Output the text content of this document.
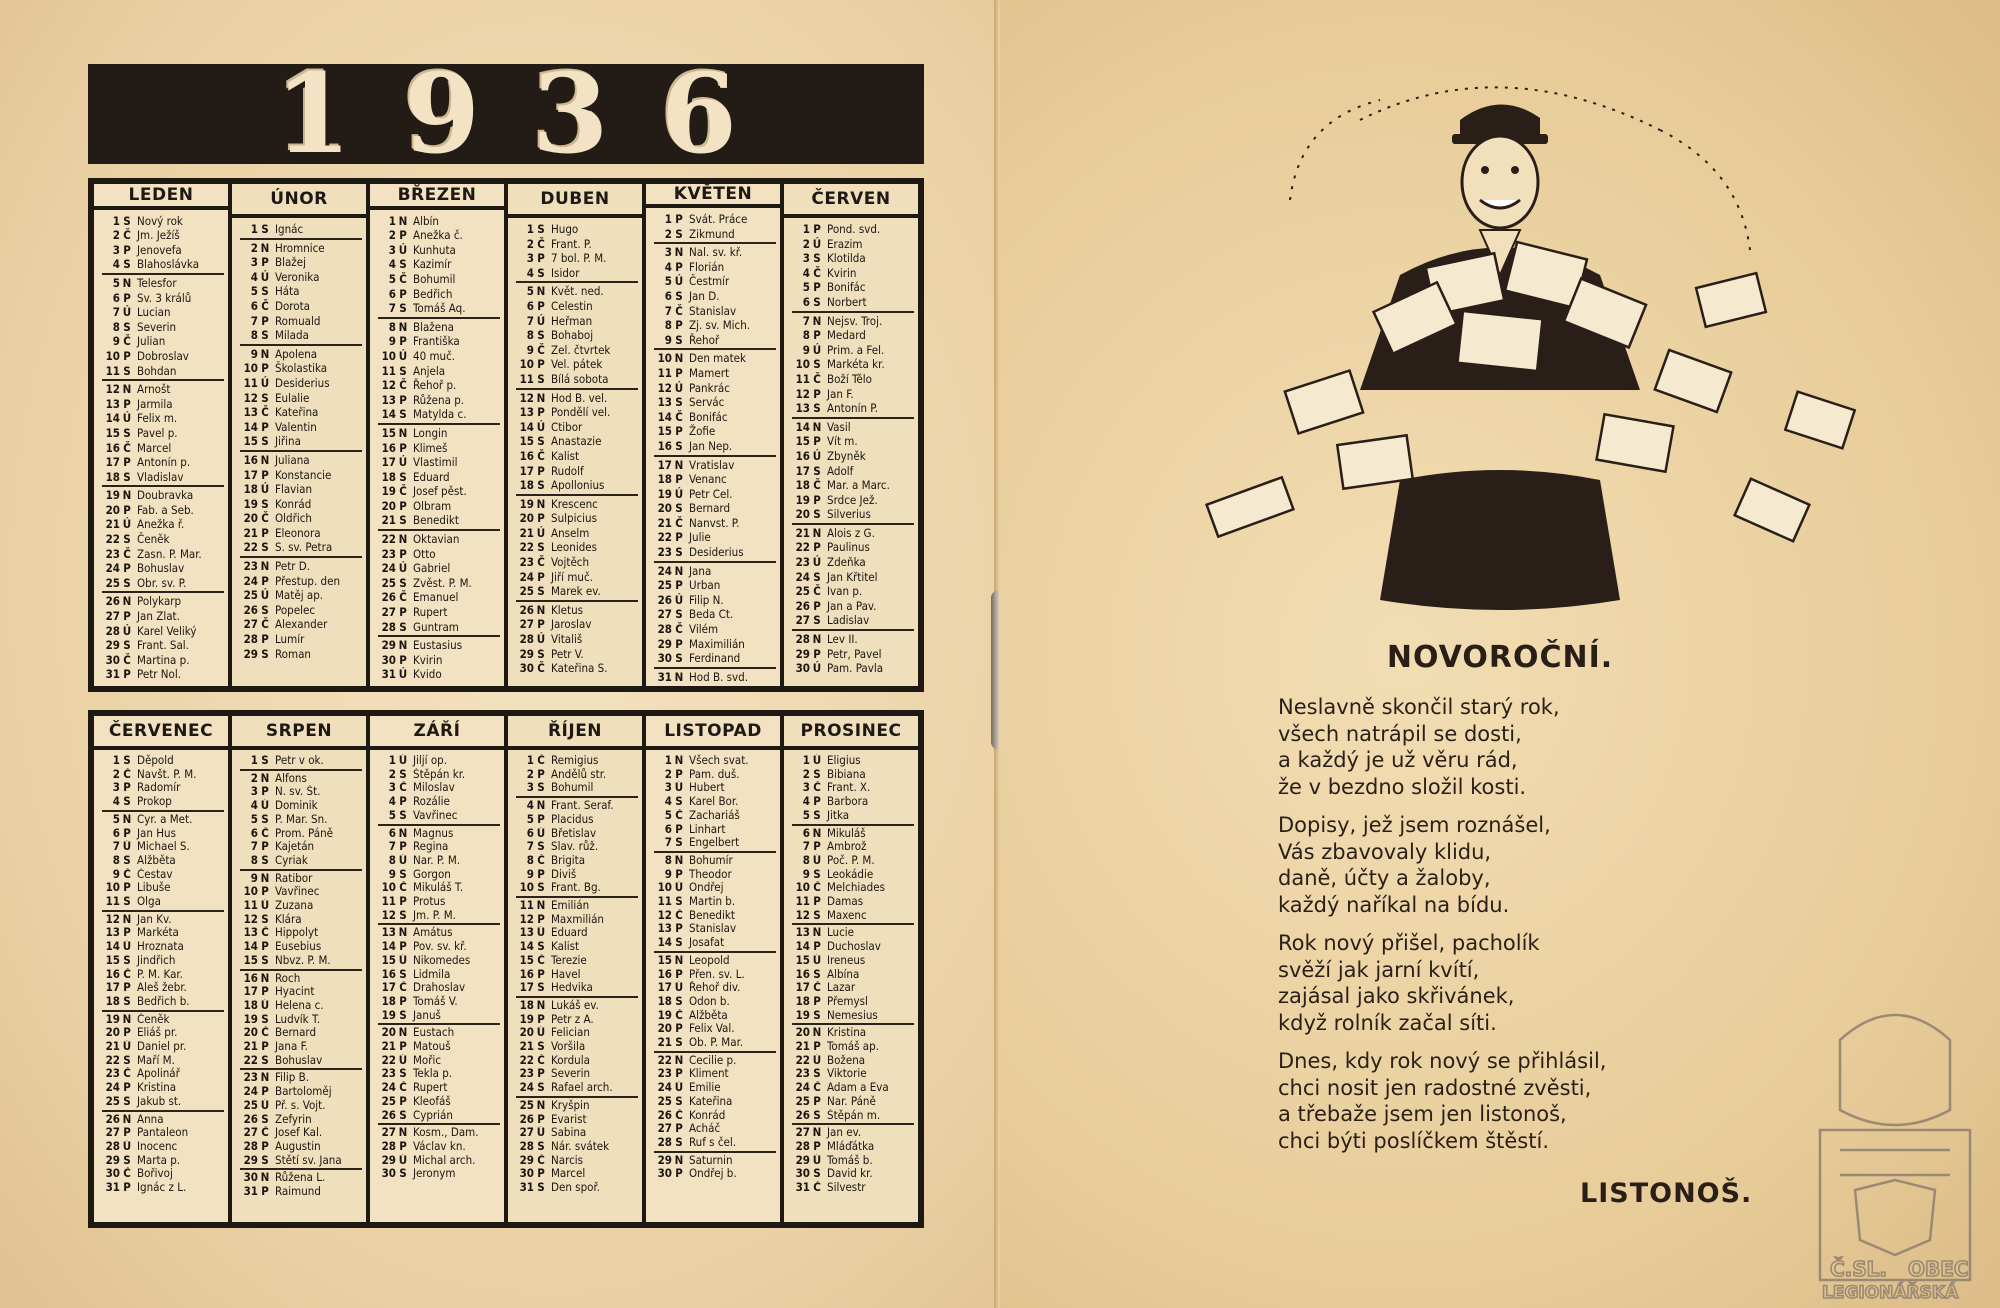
1936
LEDEN
1 S Nový rok
2 Č Jm. Ježíš
3 P Jenovefa
4 S Blahoslávka
5 N Telesfor
6 P Sv. 3 králů
7 Ú Lucian
8 S Severin
9 Č Julian
10 P Dobroslav
11 S Bohdan
12 N Arnošt
13 P Jarmila
14 Ú Felix m.
15 S Pavel p.
16 Č Marcel
17 P Antonín p.
18 S Vladislav
19 N Doubravka
20 P Fab. a Seb.
21 Ú Anežka ř.
22 S Čeněk
23 Č Zasn. P. Mar.
24 P Bohuslav
25 S Obr. sv. P.
26 N Polykarp
27 P Jan Zlat.
28 Ú Karel Veliký
29 S Frant. Sal.
30 Č Martina p.
31 P Petr Nol.
ÚNOR
1 S Ignác
2 N Hromnice
3 P Blažej
4 Ú Veronika
5 S Háta
6 Č Dorota
7 P Romuald
8 S Milada
9 N Apolena
10 P Školastika
11 Ú Desiderius
12 S Eulalie
13 Č Kateřina
14 P Valentin
15 S Jiřina
16 N Juliana
17 P Konstancie
18 Ú Flavian
19 S Konrád
20 Č Oldřich
21 P Eleonora
22 S S. sv. Petra
23 N Petr D.
24 P Přestup. den
25 Ú Matěj ap.
26 S Popelec
27 Č Alexander
28 P Lumír
29 S Roman
BŘEZEN
1 N Albín
2 P Anežka č.
3 Ú Kunhuta
4 S Kazimír
5 Č Bohumil
6 P Bedřich
7 S Tomáš Aq.
8 N Blažena
9 P Františka
10 Ú 40 muč.
11 S Anjela
12 Č Řehoř p.
13 P Růžena p.
14 S Matylda c.
15 N Longin
16 P Klimeš
17 Ú Vlastimil
18 S Eduard
19 Č Josef pěst.
20 P Olbram
21 S Benedikt
22 N Oktavian
23 P Otto
24 Ú Gabriel
25 S Zvěst. P. M.
26 Č Emanuel
27 P Rupert
28 S Guntram
29 N Eustasius
30 P Kvirin
31 Ú Kvido
DUBEN
1 S Hugo
2 Č Frant. P.
3 P 7 bol. P. M.
4 S Isidor
5 N Květ. ned.
6 P Celestin
7 Ú Heřman
8 S Bohaboj
9 Č Zel. čtvrtek
10 P Vel. pátek
11 S Bílá sobota
12 N Hod B. vel.
13 P Pondělí vel.
14 Ú Ctibor
15 S Anastazie
16 Č Kalist
17 P Rudolf
18 S Apollonius
19 N Krescenc
20 P Sulpicius
21 Ú Anselm
22 S Leonides
23 Č Vojtěch
24 P Jiří muč.
25 S Marek ev.
26 N Kletus
27 P Jaroslav
28 Ú Vitališ
29 S Petr V.
30 Č Kateřina S.
KVĚTEN
1 P Svát. Práce
2 S Zikmund
3 N Nal. sv. kř.
4 P Florián
5 Ú Čestmír
6 S Jan D.
7 Č Stanislav
8 P Zj. sv. Mich.
9 S Řehoř
10 N Den matek
11 P Mamert
12 Ú Pankrác
13 S Servác
14 Č Bonifác
15 P Žofie
16 S Jan Nep.
17 N Vratislav
18 P Venanc
19 Ú Petr Cel.
20 S Bernard
21 Č Nanvst. P.
22 P Julie
23 S Desiderius
24 N Jana
25 P Urban
26 Ú Filip N.
27 S Beda Ct.
28 Č Vilém
29 P Maximilián
30 S Ferdinand
31 N Hod B. svd.
ČERVEN
1 P Pond. svd.
2 Ú Erazim
3 S Klotilda
4 Č Kvirin
5 P Bonifác
6 S Norbert
7 N Nejsv. Troj.
8 P Medard
9 Ú Prim. a Fel.
10 S Markéta kr.
11 Č Boží Tělo
12 P Jan F.
13 S Antonín P.
14 N Vasil
15 P Vít m.
16 Ú Zbyněk
17 S Adolf
18 Č Mar. a Marc.
19 P Srdce Jež.
20 S Silverius
21 N Alois z G.
22 P Paulinus
23 Ú Zdeňka
24 S Jan Křtitel
25 Č Ivan p.
26 P Jan a Pav.
27 S Ladislav
28 N Lev II.
29 P Petr, Pavel
30 Ú Pam. Pavla
ČERVENEC
1 S Děpold
2 Č Navšt. P. M.
3 P Radomír
4 S Prokop
5 N Cyr. a Met.
6 P Jan Hus
7 Ú Michael S.
8 S Alžběta
9 Č Čestav
10 P Libuše
11 S Olga
12 N Jan Kv.
13 P Markéta
14 Ú Hroznata
15 S Jindřich
16 Č P. M. Kar.
17 P Aleš žebr.
18 S Bedřich b.
19 N Čeněk
20 P Eliáš pr.
21 Ú Daniel pr.
22 S Maří M.
23 Č Apolinář
24 P Kristina
25 S Jakub st.
26 N Anna
27 P Pantaleon
28 Ú Inocenc
29 S Marta p.
30 Č Bořivoj
31 P Ignác z L.
SRPEN
1 S Petr v ok.
2 N Alfons
3 P N. sv. Št.
4 Ú Dominik
5 S P. Mar. Sn.
6 Č Prom. Páně
7 P Kajetán
8 S Cyriak
9 N Ratibor
10 P Vavřinec
11 Ú Zuzana
12 S Klára
13 Č Hippolyt
14 P Eusebius
15 S Nbvz. P. M.
16 N Roch
17 P Hyacint
18 Ú Helena c.
19 S Ludvík T.
20 Č Bernard
21 P Jana F.
22 S Bohuslav
23 N Filip B.
24 P Bartoloměj
25 Ú Př. s. Vojt.
26 S Zefyrin
27 Č Josef Kal.
28 P Augustin
29 S Stětí sv. Jana
30 N Růžena L.
31 P Raimund
ZÁŘÍ
1 Ú Jiljí op.
2 S Štěpán kr.
3 Č Miloslav
4 P Rozálie
5 S Vavřinec
6 N Magnus
7 P Regina
8 Ú Nar. P. M.
9 S Gorgon
10 Č Mikuláš T.
11 P Protus
12 S Jm. P. M.
13 N Amátus
14 P Pov. sv. kř.
15 Ú Nikomedes
16 S Lidmila
17 Č Drahoslav
18 P Tomáš V.
19 S Januš
20 N Eustach
21 P Matouš
22 Ú Mořic
23 S Tekla p.
24 Č Rupert
25 P Kleofáš
26 S Cyprián
27 N Kosm., Dam.
28 P Václav kn.
29 Ú Michal arch.
30 S Jeronym
ŘÍJEN
1 Č Remigius
2 P Andělů str.
3 S Bohumil
4 N Frant. Seraf.
5 P Placidus
6 Ú Břetislav
7 S Slav. růž.
8 Č Brigita
9 P Diviš
10 S Frant. Bg.
11 N Emilián
12 P Maxmilián
13 Ú Eduard
14 S Kalist
15 Č Terezie
16 P Havel
17 S Hedvika
18 N Lukáš ev.
19 P Petr z A.
20 Ú Felician
21 S Voršila
22 Č Kordula
23 P Severin
24 S Rafael arch.
25 N Kryšpin
26 P Evarist
27 Ú Sabina
28 S Nár. svátek
29 Č Narcis
30 P Marcel
31 S Den spoř.
LISTOPAD
1 N Všech svat.
2 P Pam. duš.
3 Ú Hubert
4 S Karel Bor.
5 Č Zachariáš
6 P Linhart
7 S Engelbert
8 N Bohumír
9 P Theodor
10 Ú Ondřej
11 S Martin b.
12 Č Benedikt
13 P Stanislav
14 S Josafat
15 N Leopold
16 P Přen. sv. L.
17 Ú Řehoř div.
18 S Odon b.
19 Č Alžběta
20 P Felix Val.
21 S Ob. P. Mar.
22 N Cecilie p.
23 P Kliment
24 Ú Emilie
25 S Kateřina
26 Č Konrád
27 P Acháč
28 S Ruf s čel.
29 N Saturnin
30 P Ondřej b.
PROSINEC
1 Ú Eligius
2 S Bibiana
3 Č Frant. X.
4 P Barbora
5 S Jitka
6 N Mikuláš
7 P Ambrož
8 Ú Poč. P. M.
9 S Leokádie
10 Č Melchiades
11 P Damas
12 S Maxenc
13 N Lucie
14 P Duchoslav
15 Ú Ireneus
16 S Albína
17 Č Lazar
18 P Přemysl
19 S Nemesius
20 N Kristina
21 P Tomáš ap.
22 Ú Božena
23 S Viktorie
24 Č Adam a Eva
25 P Nar. Páně
26 S Štěpán m.
27 N Jan ev.
28 P Mláďátka
29 Ú Tomáš b.
30 S David kr.
31 Č Silvestr
NOVOROČNÍ.
Neslavně skončil starý rok,
všech natrápil se dosti,
a každý je už věru rád,
že v bezdno složil kosti.
Dopisy, jež jsem roznášel,
Vás zbavovaly klidu,
daně, účty a žaloby,
každý naříkal na bídu.
Rok nový přišel, pacholík
svěží jak jarní kvítí,
zajásal jako skřivánek,
když rolník začal síti.
Dnes, kdy rok nový se přihlásil,
chci nosit jen radostné zvěsti,
a třebaže jsem jen listonoš,
chci býti poslíčkem štěstí.
LISTONOŠ.
Č.SL. OBEC
LEGIONÁŘSKÁ
